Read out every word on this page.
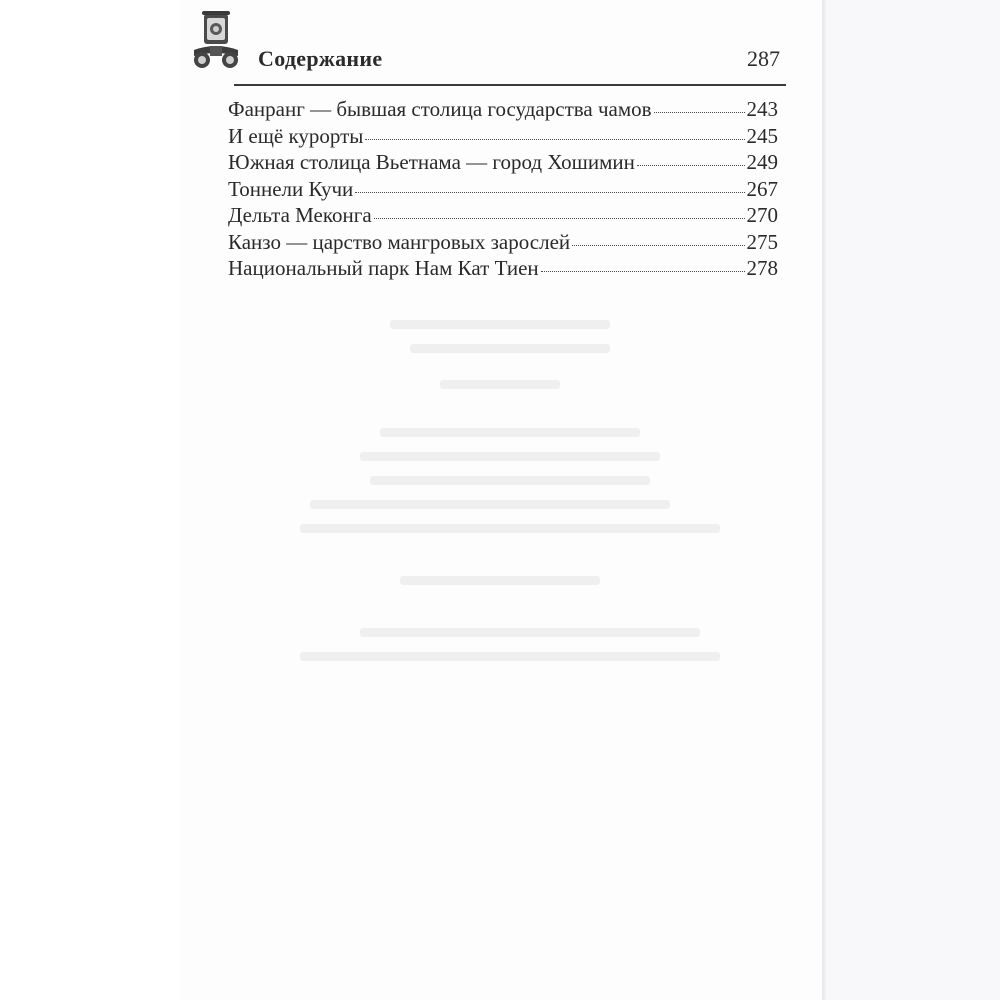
Содержание	287
Фанранг — бывшая столица государства чамов	243
И ещё курорты	245
Южная столица Вьетнама — город Хошимин	249
Тоннели Кучи	267
Дельта Меконга	270
Канзо — царство мангровых зарослей	275
Национальный парк Нам Кат Тиен	278
